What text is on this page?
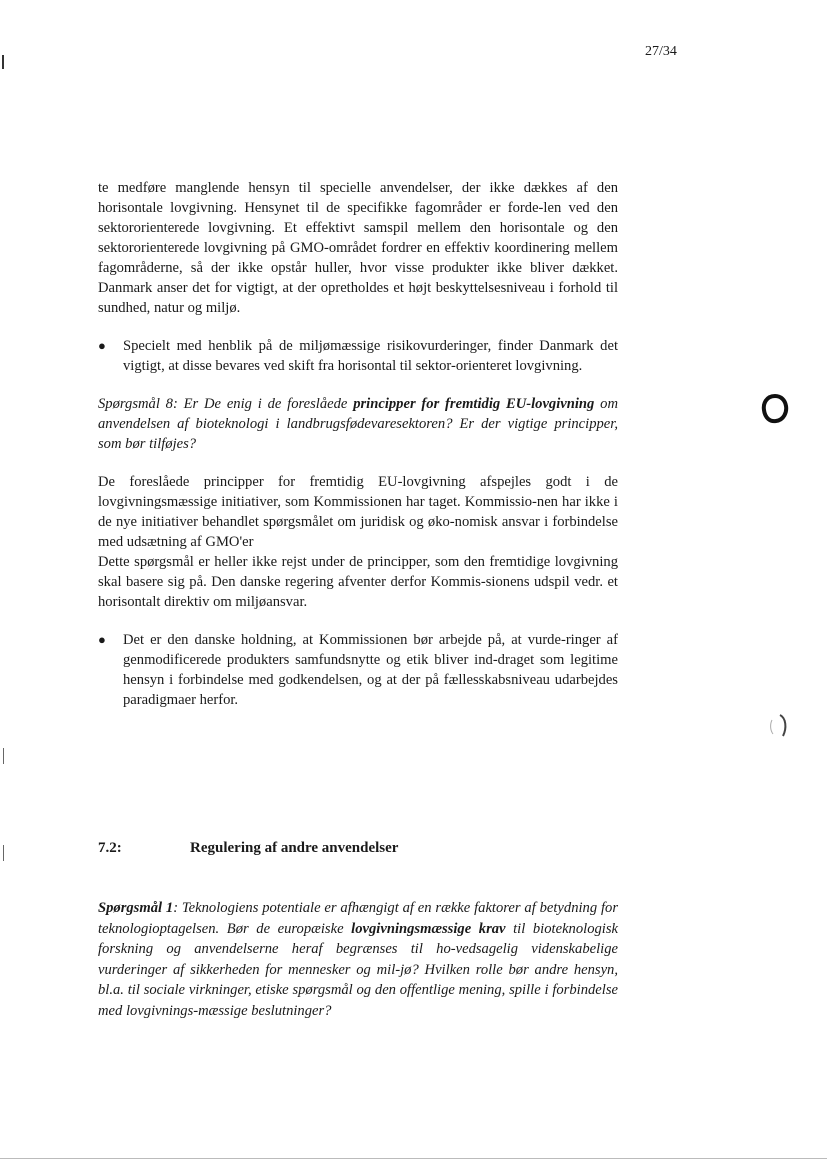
27/34

te medføre manglende hensyn til specielle anvendelser, der ikke dækkes af den horisontale lovgivning. Hensynet til de specifikke fagområder er forde-len ved den sektororienterede lovgivning. Et effektivt samspil mellem den horisontale og den sektororienterede lovgivning på GMO-området fordrer en effektiv koordinering mellem fagområderne, så der ikke opstår huller, hvor visse produkter ikke bliver dækket. Danmark anser det for vigtigt, at der opretholdes et højt beskyttelsesniveau i forhold til sundhed, natur og miljø.

●	Specielt med henblik på de miljømæssige risikovurderinger, finder Danmark det vigtigt, at disse bevares ved skift fra horisontal til sektor-orienteret lovgivning.

Spørgsmål 8: Er De enig i de foreslåede principper for fremtidig EU-lovgivning om anvendelsen af bioteknologi i landbrugsfødevaresektoren? Er der vigtige principper, som bør tilføjes?

De foreslåede principper for fremtidig EU-lovgivning afspejles godt i de lovgivningsmæssige initiativer, som Kommissionen har taget. Kommissio-nen har ikke i de nye initiativer behandlet spørgsmålet om juridisk og øko-nomisk ansvar i forbindelse med udsætning af GMO'er

Dette spørgsmål er heller ikke rejst under de principper, som den fremtidige lovgivning skal basere sig på. Den danske regering afventer derfor Kommis-sionens udspil vedr. et horisontalt direktiv om miljøansvar.

●	Det er den danske holdning, at Kommissionen bør arbejde på, at vurde-ringer af genmodificerede produkters samfundsnytte og etik bliver ind-draget som legitime hensyn i forbindelse med godkendelsen, og at der på fællesskabsniveau udarbejdes paradigmaer herfor.
7.2:	Regulering af andre anvendelser

Spørgsmål 1: Teknologiens potentiale er afhængigt af en række faktorer af betydning for teknologioptagelsen. Bør de europæiske lovgivningsmæssige krav til bioteknologisk forskning og anvendelserne heraf begrænses til ho-vedsagelig videnskabelige vurderinger af sikkerheden for mennesker og mil-jø? Hvilken rolle bør andre hensyn, bl.a. til sociale virkninger, etiske spørgsmål og den offentlige mening, spille i forbindelse med lovgivnings-mæssige beslutninger?
